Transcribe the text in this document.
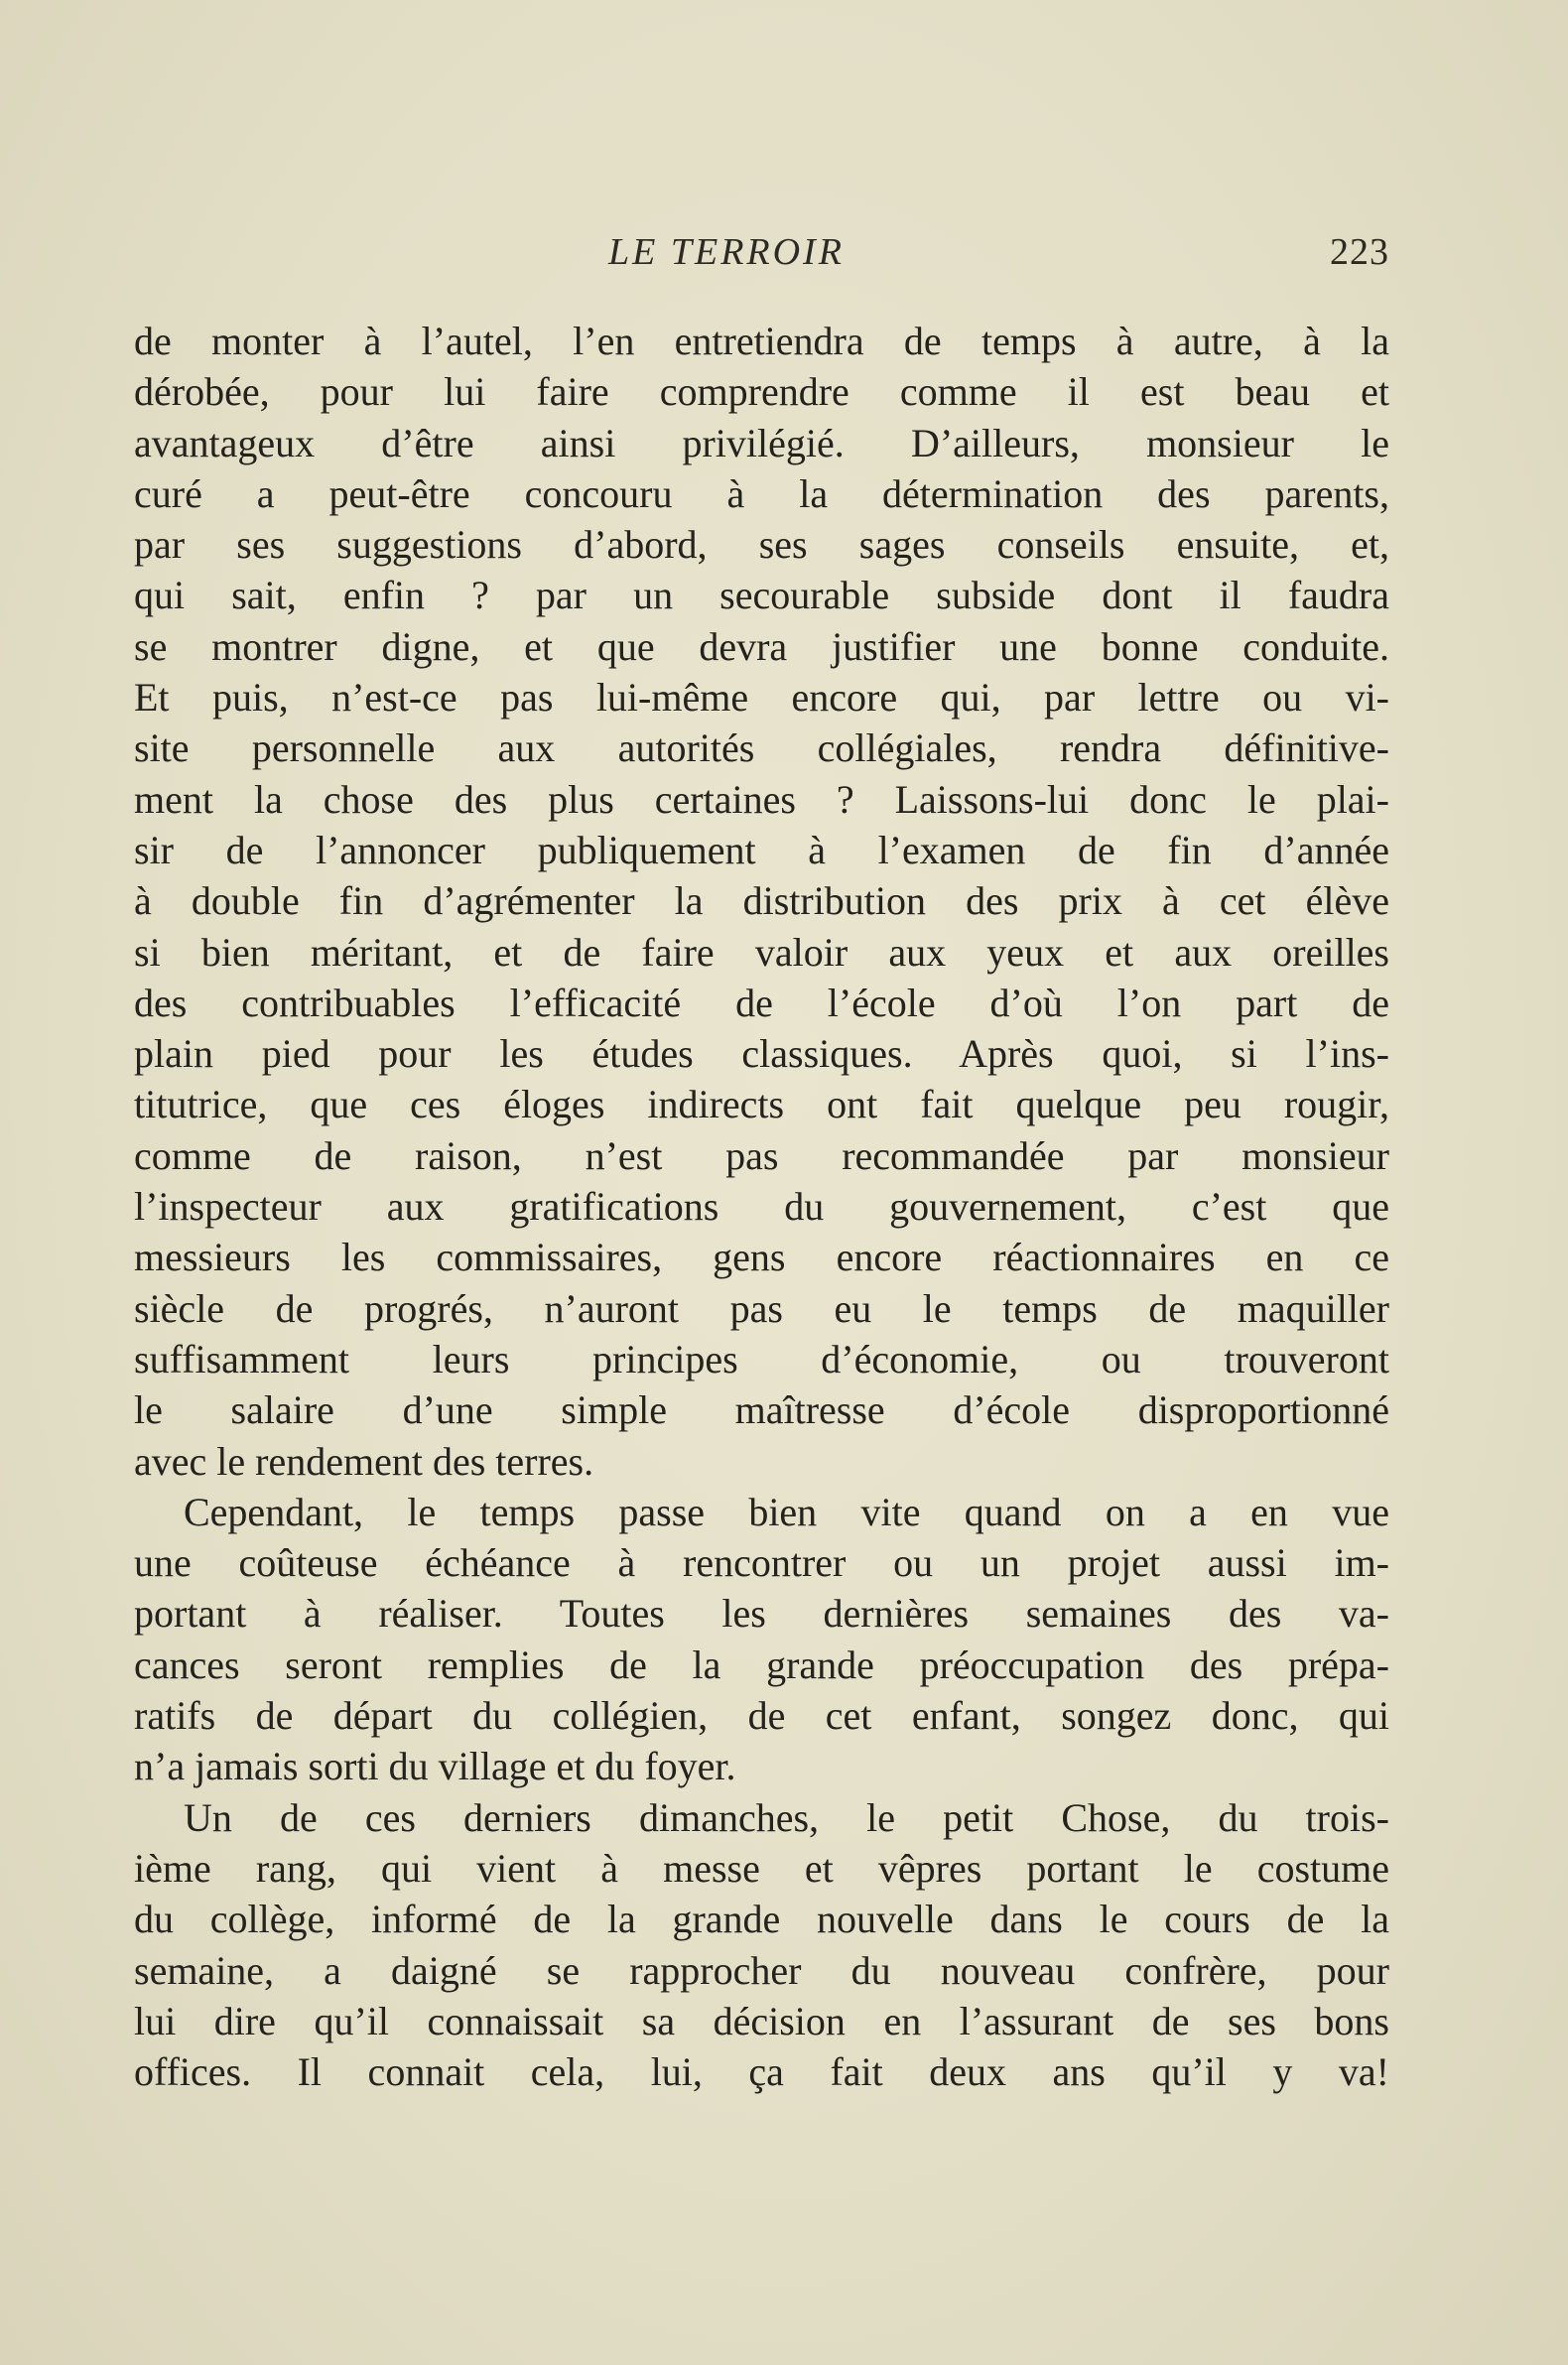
LE TERROIR	223
de monter à l’autel, l’en entretiendra de temps à autre, à la
dérobée, pour lui faire comprendre comme il est beau et
avantageux d’être ainsi privilégié. D’ailleurs, monsieur le
curé a peut-être concouru à la détermination des parents,
par ses suggestions d’abord, ses sages conseils ensuite, et,
qui sait, enfin ? par un secourable subside dont il faudra
se montrer digne, et que devra justifier une bonne conduite.
Et puis, n’est-ce pas lui-même encore qui, par lettre ou vi-
site personnelle aux autorités collégiales, rendra définitive-
ment la chose des plus certaines ? Laissons-lui donc le plai-
sir de l’annoncer publiquement à l’examen de fin d’année
à double fin d’agrémenter la distribution des prix à cet élève
si bien méritant, et de faire valoir aux yeux et aux oreilles
des contribuables l’efficacité de l’école d’où l’on part de
plain pied pour les études classiques. Après quoi, si l’ins-
titutrice, que ces éloges indirects ont fait quelque peu rougir,
comme de raison, n’est pas recommandée par monsieur
l’inspecteur aux gratifications du gouvernement, c’est que
messieurs les commissaires, gens encore réactionnaires en ce
siècle de progrés, n’auront pas eu le temps de maquiller
suffisamment leurs principes d’économie, ou trouveront
le salaire d’une simple maîtresse d’école disproportionné
avec le rendement des terres.
Cependant, le temps passe bien vite quand on a en vue
une coûteuse échéance à rencontrer ou un projet aussi im-
portant à réaliser. Toutes les dernières semaines des va-
cances seront remplies de la grande préoccupation des prépa-
ratifs de départ du collégien, de cet enfant, songez donc, qui
n’a jamais sorti du village et du foyer.
Un de ces derniers dimanches, le petit Chose, du trois-
ième rang, qui vient à messe et vêpres portant le costume
du collège, informé de la grande nouvelle dans le cours de la
semaine, a daigné se rapprocher du nouveau confrère, pour
lui dire qu’il connaissait sa décision en l’assurant de ses bons
offices. Il connait cela, lui, ça fait deux ans qu’il y va!
